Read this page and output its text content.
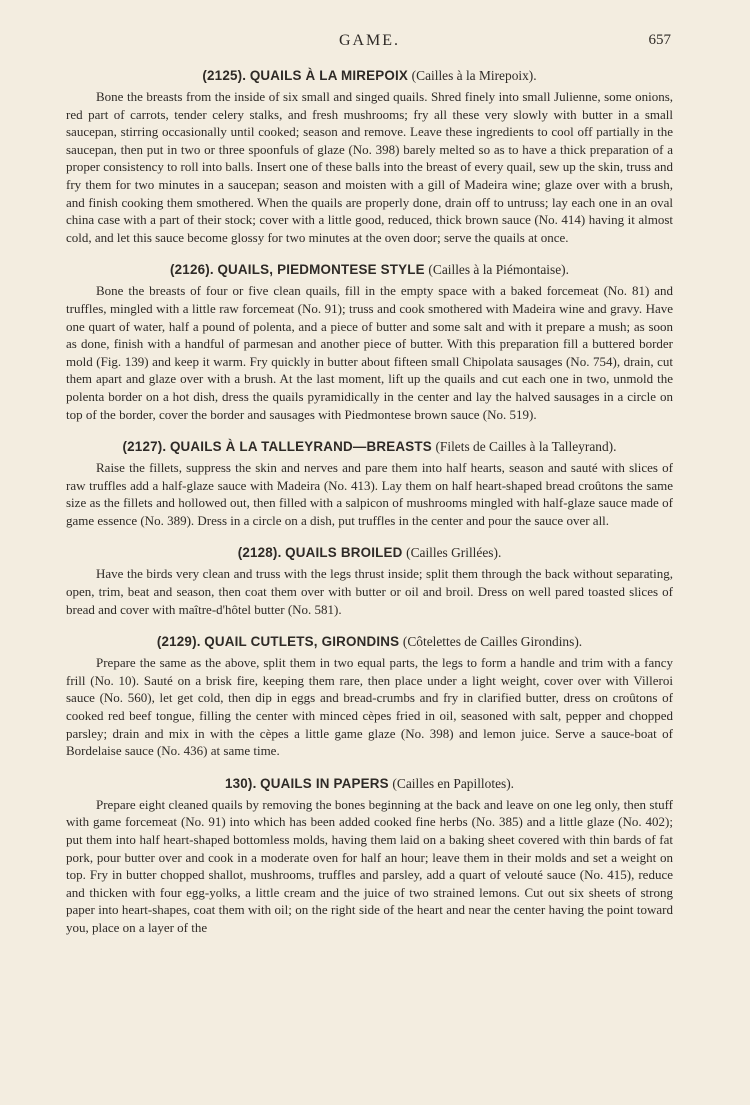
GAME.	657
(2125). QUAILS À LA MIREPOIX (Cailles à la Mirepoix).

Bone the breasts from the inside of six small and singed quails. Shred finely into small Julienne, some onions, red part of carrots, tender celery stalks, and fresh mushrooms; fry all these very slowly with butter in a small saucepan, stirring occasionally until cooked; season and remove. Leave these ingredients to cool off partially in the saucepan, then put in two or three spoonfuls of glaze (No. 398) barely melted so as to have a thick preparation of a proper consistency to roll into balls. Insert one of these balls into the breast of every quail, sew up the skin, truss and fry them for two minutes in a saucepan; season and moisten with a gill of Madeira wine; glaze over with a brush, and finish cooking them smothered. When the quails are properly done, drain off to untruss; lay each one in an oval china case with a part of their stock; cover with a little good, reduced, thick brown sauce (No. 414) having it almost cold, and let this sauce become glossy for two minutes at the oven door; serve the quails at once.

(2126). QUAILS, PIEDMONTESE STYLE (Cailles à la Piémontaise).

Bone the breasts of four or five clean quails, fill in the empty space with a baked forcemeat (No. 81) and truffles, mingled with a little raw forcemeat (No. 91); truss and cook smothered with Madeira wine and gravy. Have one quart of water, half a pound of polenta, and a piece of butter and some salt and with it prepare a mush; as soon as done, finish with a handful of parmesan and another piece of butter. With this preparation fill a buttered border mold (Fig. 139) and keep it warm. Fry quickly in butter about fifteen small Chipolata sausages (No. 754), drain, cut them apart and glaze over with a brush. At the last moment, lift up the quails and cut each one in two, unmold the polenta border on a hot dish, dress the quails pyramidically in the center and lay the halved sausages in a circle on top of the border, cover the border and sausages with Piedmontese brown sauce (No. 519).

(2127). QUAILS À LA TALLEYRAND—BREASTS (Filets de Cailles à la Talleyrand).

Raise the fillets, suppress the skin and nerves and pare them into half hearts, season and sauté with slices of raw truffles add a half-glaze sauce with Madeira (No. 413). Lay them on half heart-shaped bread croûtons the same size as the fillets and hollowed out, then filled with a salpicon of mushrooms mingled with half-glaze sauce made of game essence (No. 389). Dress in a circle on a dish, put truffles in the center and pour the sauce over all.

(2128). QUAILS BROILED (Cailles Grillées).

Have the birds very clean and truss with the legs thrust inside; split them through the back without separating, open, trim, beat and season, then coat them over with butter or oil and broil. Dress on well pared toasted slices of bread and cover with maître-d'hôtel butter (No. 581).

(2129). QUAIL CUTLETS, GIRONDINS (Côtelettes de Cailles Girondins).

Prepare the same as the above, split them in two equal parts, the legs to form a handle and trim with a fancy frill (No. 10). Sauté on a brisk fire, keeping them rare, then place under a light weight, cover over with Villeroi sauce (No. 560), let get cold, then dip in eggs and bread-crumbs and fry in clarified butter, dress on croûtons of cooked red beef tongue, filling the center with minced cèpes fried in oil, seasoned with salt, pepper and chopped parsley; drain and mix in with the cèpes a little game glaze (No. 398) and lemon juice. Serve a sauce-boat of Bordelaise sauce (No. 436) at same time.

130). QUAILS IN PAPERS (Cailles en Papillotes).

Prepare eight cleaned quails by removing the bones beginning at the back and leave on one leg only, then stuff with game forcemeat (No. 91) into which has been added cooked fine herbs (No. 385) and a little glaze (No. 402); put them into half heart-shaped bottomless molds, having them laid on a baking sheet covered with thin bards of fat pork, pour butter over and cook in a moderate oven for half an hour; leave them in their molds and set a weight on top. Fry in butter chopped shallot, mushrooms, truffles and parsley, add a quart of velouté sauce (No. 415), reduce and thicken with four egg-yolks, a little cream and the juice of two strained lemons. Cut out six sheets of strong paper into heart-shapes, coat them with oil; on the right side of the heart and near the center having the point toward you, place on a layer of the
